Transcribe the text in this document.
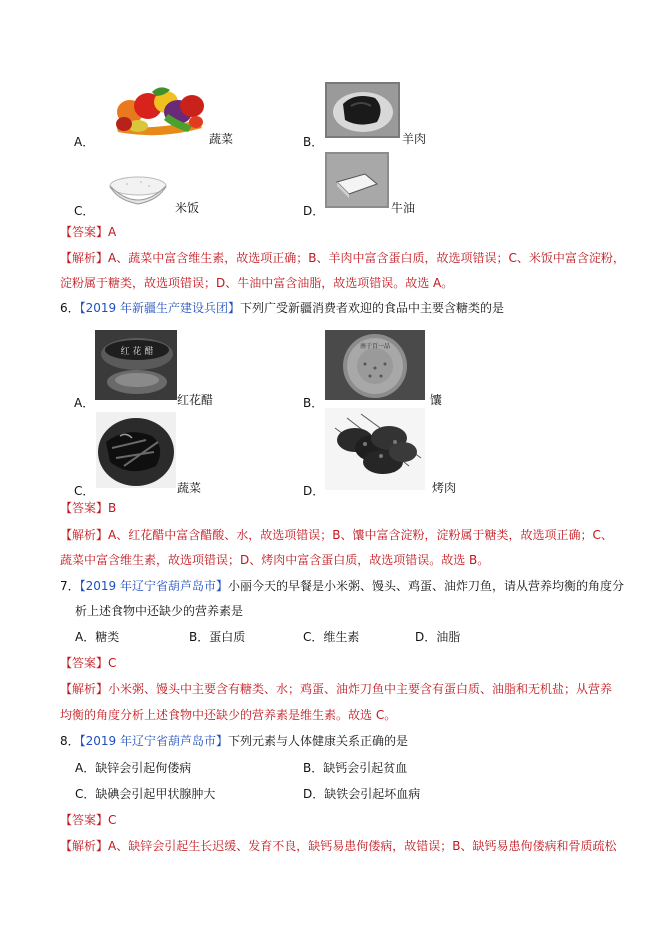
A．	蔬菜	B．	羊肉
C．	米饭	D．	牛油
【答案】A
【解析】A、蔬菜中富含维生素，故选项正确；B、羊肉中富含蛋白质，故选项错误；C、米饭中富含淀粉，
淀粉属于糖类，故选项错误；D、牛油中富含油脂，故选项错误。故选 A。
6．【2019 年新疆生产建设兵团】下列广受新疆消费者欢迎的食品中主要含糖类的是
A．
红 花 醋
红花醋	B．
南于百一品
馕
C．	蔬菜	D．	烤肉
【答案】B
【解析】A、红花醋中富含醋酸、水，故选项错误；B、馕中富含淀粉，淀粉属于糖类，故选项正确；C、
蔬菜中富含维生素，故选项错误；D、烤肉中富含蛋白质，故选项错误。故选 B。
7．【2019 年辽宁省葫芦岛市】小丽今天的早餐是小米粥、馒头、鸡蛋、油炸刀鱼，请从营养均衡的角度分
析上述食物中还缺少的营养素是
A．糖类	B．蛋白质	C．维生素	D．油脂
【答案】C
【解析】小米粥、馒头中主要含有糖类、水；鸡蛋、油炸刀鱼中主要含有蛋白质、油脂和无机盐；从营养
均衡的角度分析上述食物中还缺少的营养素是维生素。故选 C。
8．【2019 年辽宁省葫芦岛市】下列元素与人体健康关系正确的是
A．缺锌会引起佝偻病	B．缺钙会引起贫血
C．缺碘会引起甲状腺肿大	D．缺铁会引起坏血病
【答案】C
【解析】A、缺锌会引起生长迟缓、发育不良，缺钙易患佝偻病，故错误；B、缺钙易患佝偻病和骨质疏松
